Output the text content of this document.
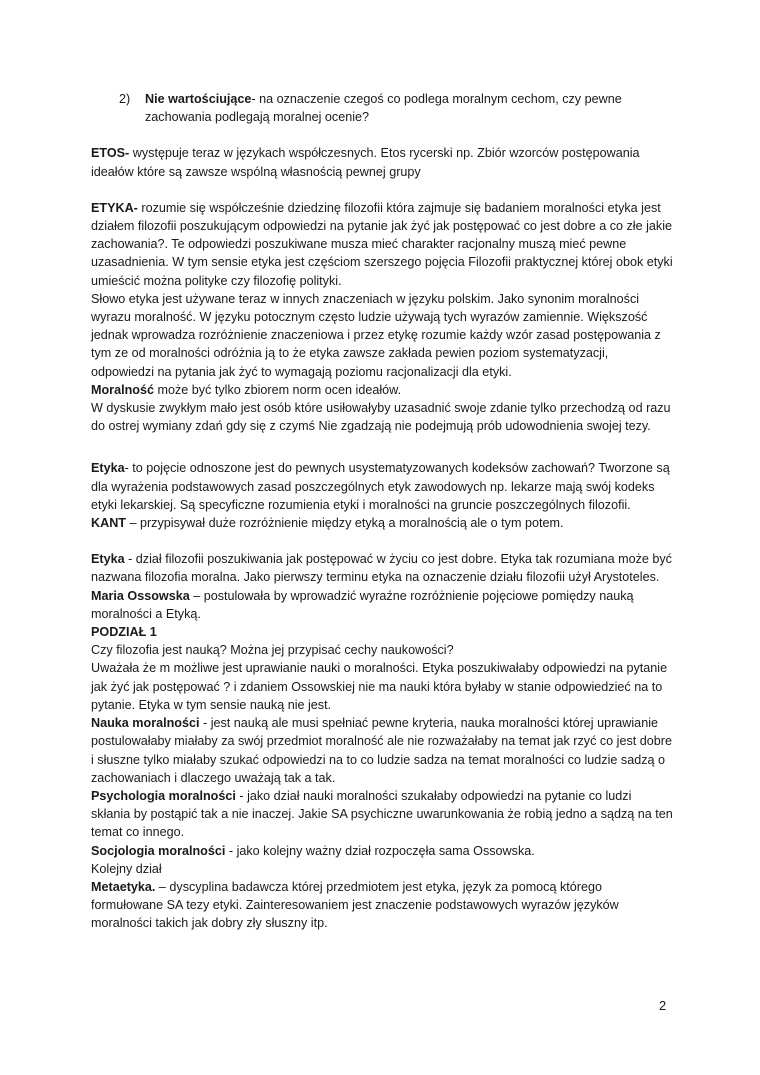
2)	Nie wartościujące- na oznaczenie czegoś co podlega moralnym cechom, czy pewne zachowania podlegają moralnej ocenie?

ETOS- występuje teraz w językach współczesnych. Etos rycerski np. Zbiór wzorców postępowania ideałów które są zawsze wspólną własnością pewnej grupy

ETYKA- rozumie się współcześnie dziedzinę filozofii która zajmuje się badaniem moralności etyka jest działem filozofii poszukującym odpowiedzi na pytanie jak żyć jak postępować co jest dobre a co złe jakie zachowania?. Te odpowiedzi poszukiwane musza mieć charakter racjonalny muszą mieć pewne uzasadnienia. W tym sensie etyka jest częściom szerszego pojęcia Filozofii praktycznej której obok etyki umieścić można polityke czy filozofię polityki.

Słowo etyka jest używane teraz w innych znaczeniach w języku polskim. Jako synonim moralności wyrazu moralność. W języku potocznym często ludzie używają tych wyrazów zamiennie. Większość jednak wprowadza rozróżnienie znaczeniowa i przez etykę rozumie każdy wzór zasad postępowania z tym ze od moralności odróżnia ją to że etyka zawsze zakłada pewien poziom systematyzacji, odpowiedzi na pytania jak żyć to wymagają poziomu racjonalizacji dla etyki.

Moralność może być tylko zbiorem norm ocen ideałów.

W dyskusie zwykłym mało jest osób które usiłowałyby uzasadnić swoje zdanie tylko przechodzą od razu do ostrej wymiany zdań gdy się z czymś Nie zgadzają nie podejmują prób udowodnienia swojej tezy.

Etyka- to pojęcie odnoszone jest do pewnych usystematyzowanych kodeksów zachowań? Tworzone są dla wyrażenia podstawowych zasad poszczególnych etyk zawodowych np. lekarze mają swój kodeks etyki lekarskiej. Są specyficzne rozumienia etyki i moralności na gruncie poszczególnych filozofii.

KANT – przypisywał duże rozróżnienie między etyką a moralnością ale o tym potem.

Etyka - dział filozofii poszukiwania jak postępować w życiu co jest dobre. Etyka tak rozumiana może być nazwana filozofia moralna. Jako pierwszy terminu etyka na oznaczenie działu filozofii użył Arystoteles.

Maria Ossowska – postulowała by wprowadzić wyraźne rozróżnienie pojęciowe pomiędzy nauką moralności a Etyką.

PODZIAŁ 1

Czy filozofia jest nauką? Można jej przypisać cechy naukowości?

Uważała że m możliwe jest uprawianie nauki o moralności. Etyka poszukiwałaby odpowiedzi na pytanie jak żyć jak postępować ? i zdaniem Ossowskiej nie ma nauki która byłaby w stanie odpowiedzieć na to pytanie. Etyka w tym sensie nauką nie jest.

Nauka moralności - jest nauką ale musi spełniać pewne kryteria, nauka moralności której uprawianie postulowałaby miałaby za swój przedmiot moralność ale nie rozważałaby na temat jak rzyć co jest dobre i słuszne tylko miałaby szukać odpowiedzi na to co ludzie sadza na temat moralności co ludzie sadzą o zachowaniach i dlaczego uważają tak a tak.

Psychologia moralności - jako dział nauki moralności szukałaby odpowiedzi na pytanie co ludzi skłania by postąpić tak a nie inaczej. Jakie SA psychiczne uwarunkowania że robią jedno a sądzą na ten temat co innego.

Socjologia moralności - jako kolejny ważny dział rozpoczęła sama Ossowska.

Kolejny dział

Metaetyka. – dyscyplina badawcza której przedmiotem jest etyka, język za pomocą którego formułowane SA tezy etyki. Zainteresowaniem jest znaczenie podstawowych wyrazów języków moralności takich jak dobry zły słuszny itp.

2
